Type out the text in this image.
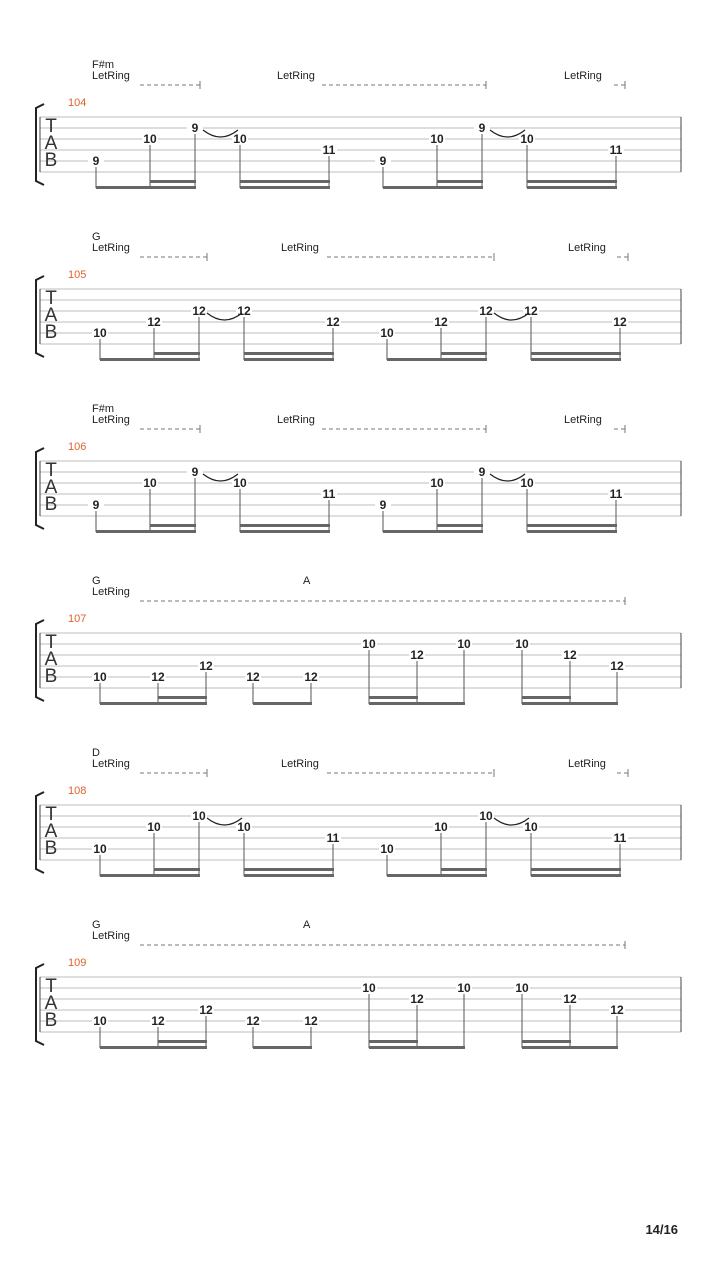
F#m
LetRing	LetRing	LetRing
104
T
A
B	9
10
9
10
11
9
10
9
10
11
G
LetRing	LetRing	LetRing
105
T
A
B	10
12
12	12
12
10
12
12	12
12
F#m
LetRing	LetRing	LetRing
106
T
A
B	9
10
9
10
11
9
10
9
10
11
G	A
LetRing
107
T
A
B	10	12
12
12	12
10
12
10	10
12
12
D
LetRing	LetRing	LetRing
108
T
A
B	10
10
10
10
11
10
10
10
10
11
G	A
LetRing
109
T
A
B	10	12
12
12	12
10
12
10	10
12
12
14/16
